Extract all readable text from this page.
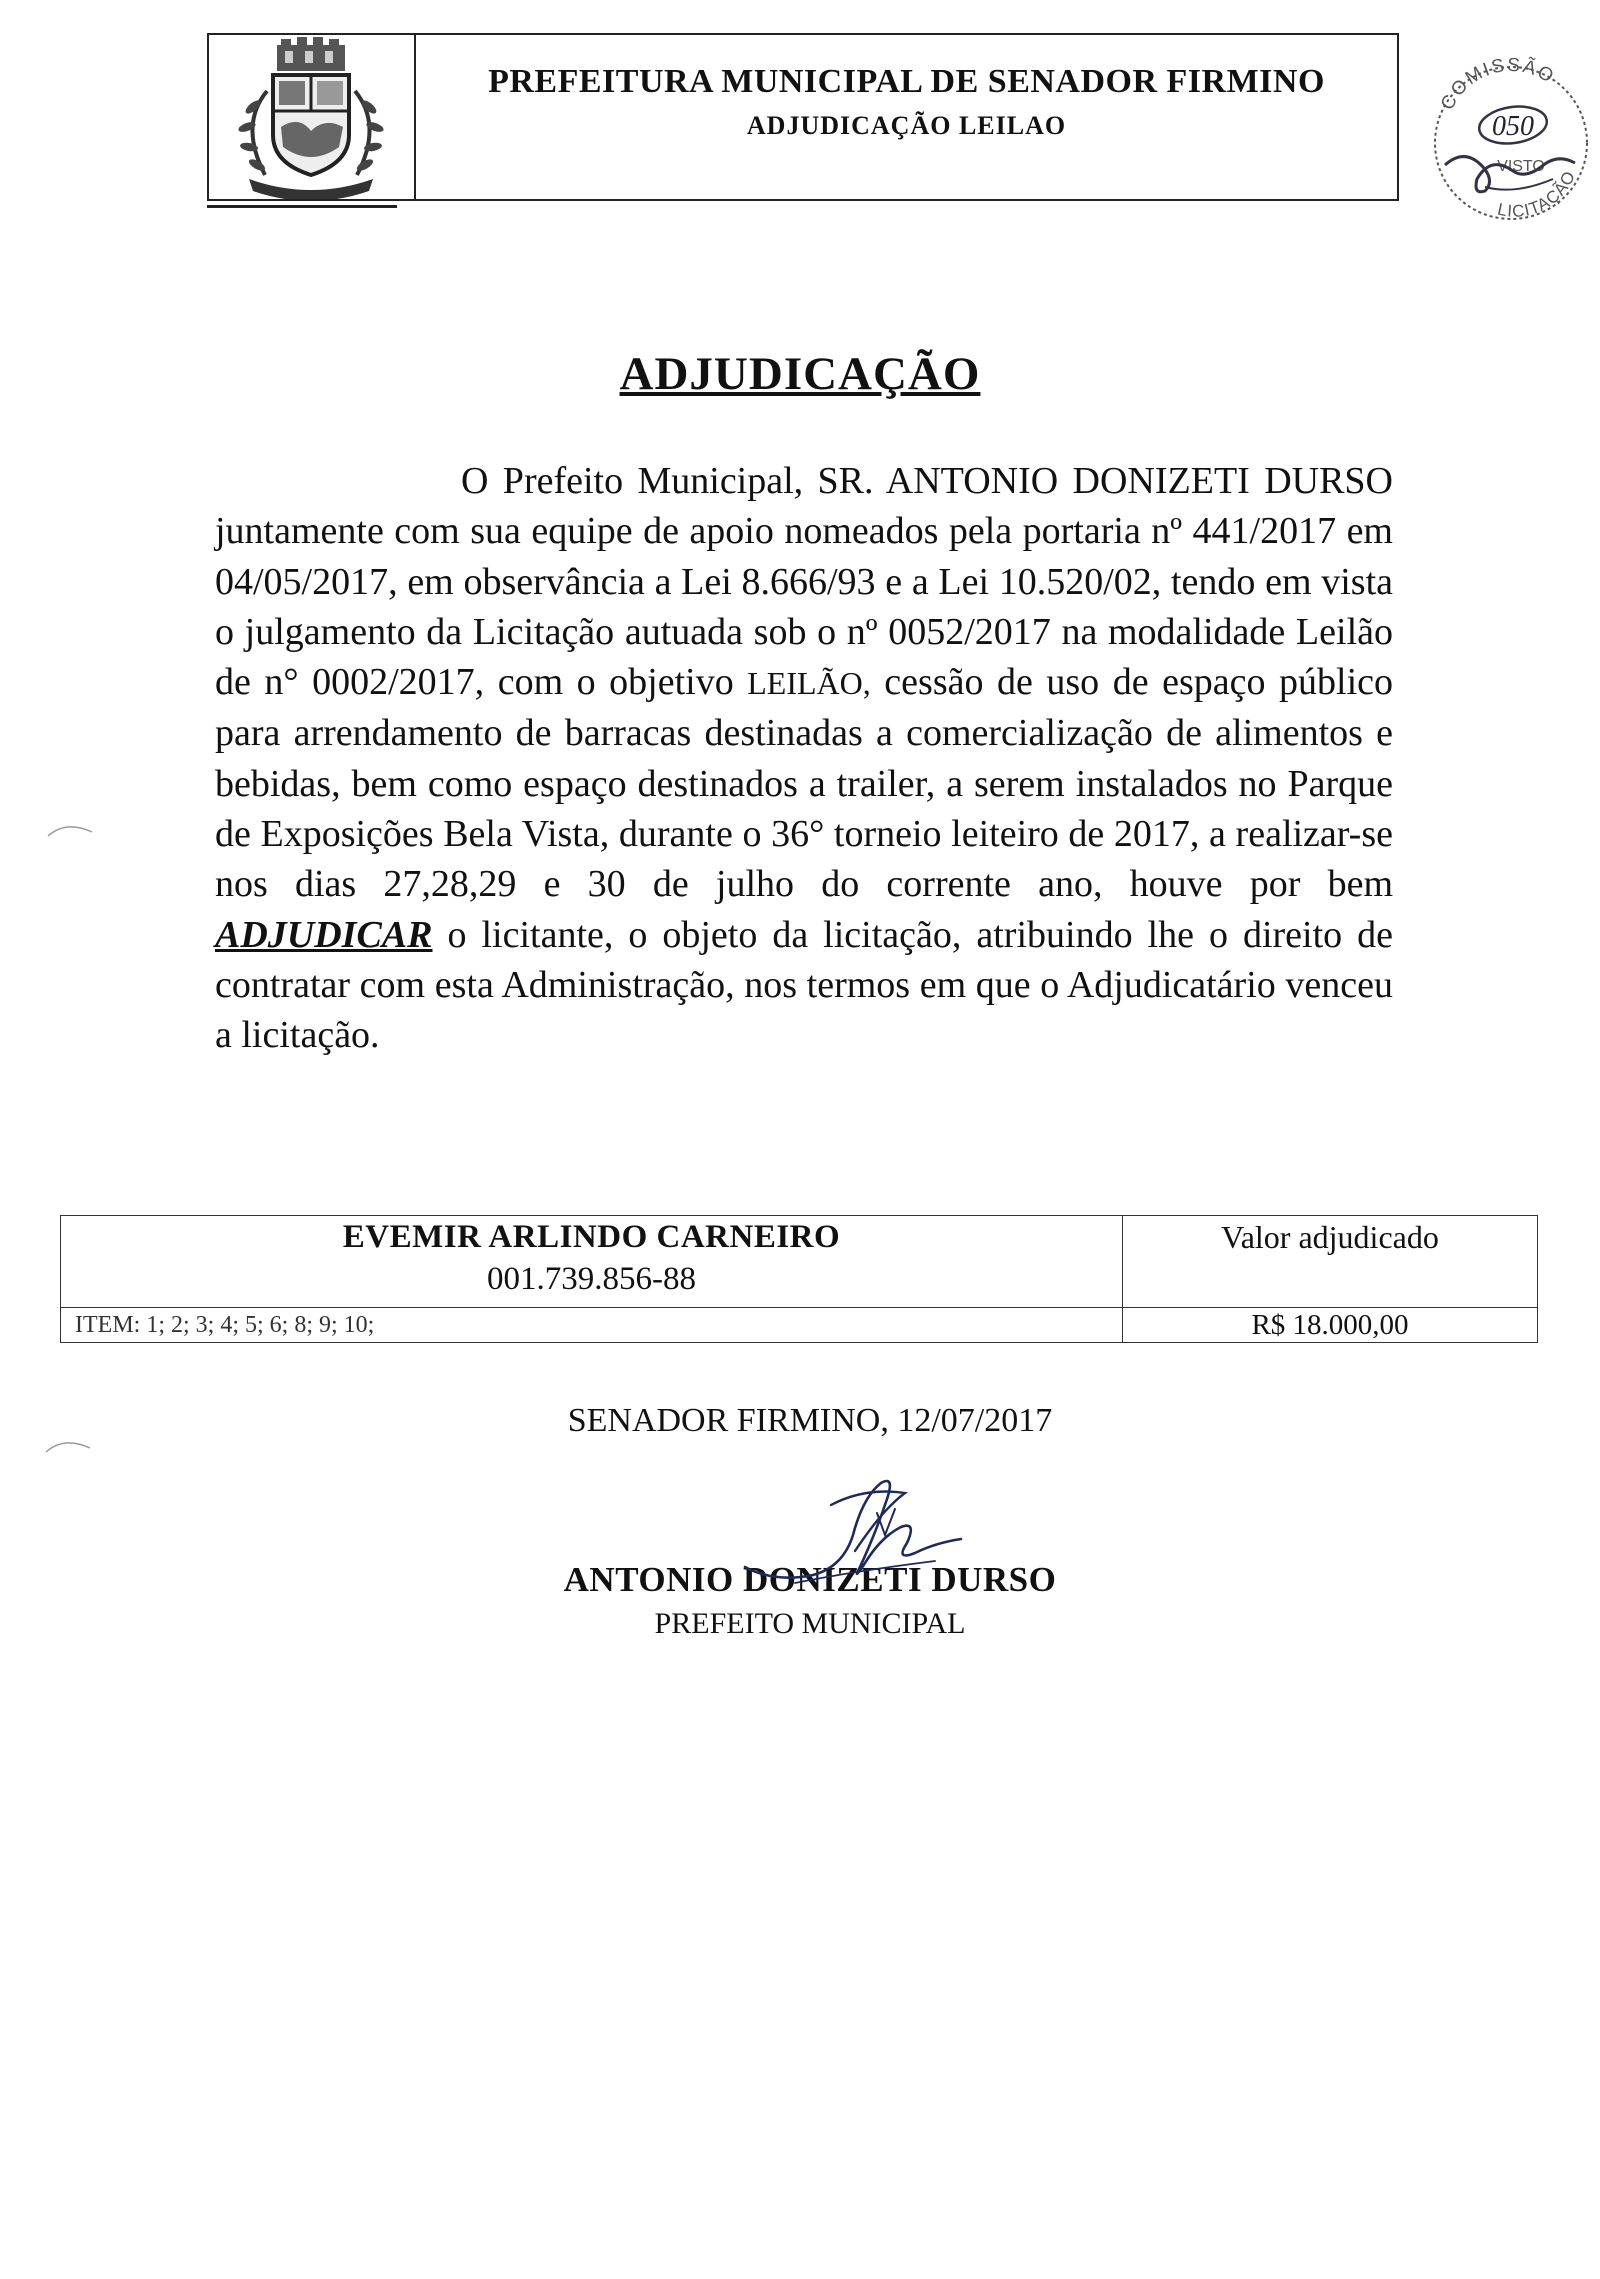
PREFEITURA MUNICIPAL DE SENADOR FIRMINO
ADJUDICAÇÃO LEILAO
COMISSÃO
LICITAÇÃO
050
VISTO
ADJUDICAÇÃO
O Prefeito Municipal, SR. ANTONIO DONIZETI DURSO juntamente com sua equipe de apoio nomeados pela portaria nº 441/2017 em 04/05/2017, em observância a Lei 8.666/93 e a Lei 10.520/02, tendo em vista o julgamento da Licitação autuada sob o nº 0052/2017 na modalidade Leilão de n° 0002/2017, com o objetivo LEILÃO, cessão de uso de espaço público para arrendamento de barracas destinadas a comercialização de alimentos e bebidas, bem como espaço destinados a trailer, a serem instalados no Parque de Exposições Bela Vista, durante o 36° torneio leiteiro de 2017, a realizar-se nos dias 27,28,29 e 30 de julho do corrente ano, houve por bem ADJUDICAR o licitante, o objeto da licitação, atribuindo lhe o direito de contratar com esta Administração, nos termos em que o Adjudicatário venceu a licitação.
EVEMIR ARLINDO CARNEIRO
001.739.856-88	Valor adjudicado
ITEM: 1; 2; 3; 4; 5; 6; 8; 9; 10;	R$ 18.000,00
SENADOR FIRMINO, 12/07/2017
ANTONIO DONIZETI DURSO
PREFEITO MUNICIPAL
